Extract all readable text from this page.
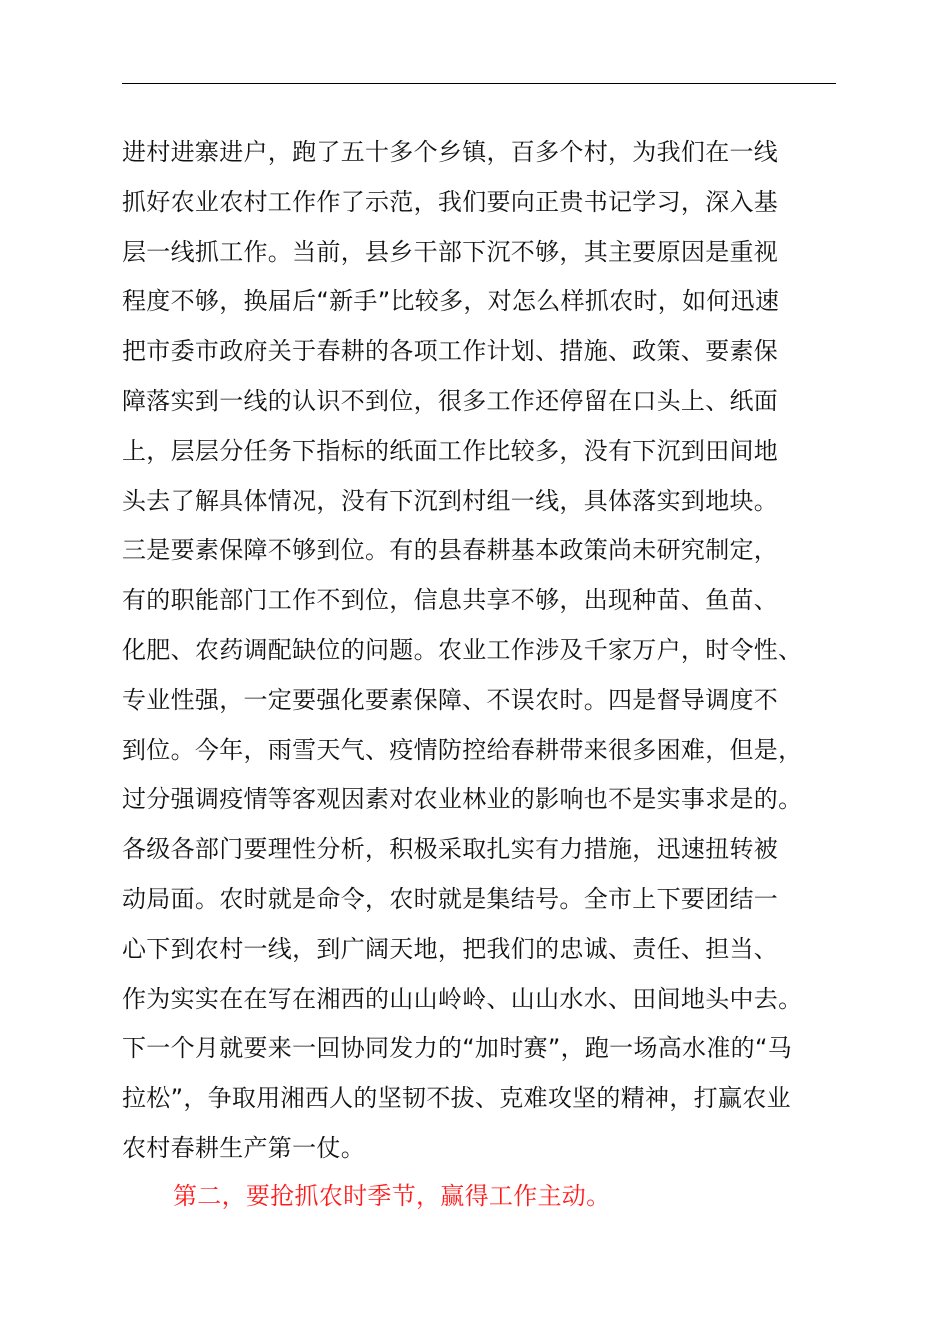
进村进寨进户，跑了五十多个乡镇，百多个村，为我们在一线
抓好农业农村工作作了示范，我们要向正贵书记学习，深入基
层一线抓工作。当前，县乡干部下沉不够，其主要原因是重视
程度不够，换届后“新手”比较多，对怎么样抓农时，如何迅速
把市委市政府关于春耕的各项工作计划、措施、政策、要素保
障落实到一线的认识不到位，很多工作还停留在口头上、纸面
上，层层分任务下指标的纸面工作比较多，没有下沉到田间地
头去了解具体情况，没有下沉到村组一线，具体落实到地块。
三是要素保障不够到位。有的县春耕基本政策尚未研究制定，
有的职能部门工作不到位，信息共享不够，出现种苗、鱼苗、
化肥、农药调配缺位的问题。农业工作涉及千家万户，时令性、
专业性强，一定要强化要素保障、不误农时。四是督导调度不
到位。今年，雨雪天气、疫情防控给春耕带来很多困难，但是，
过分强调疫情等客观因素对农业林业的影响也不是实事求是的。
各级各部门要理性分析，积极采取扎实有力措施，迅速扭转被
动局面。农时就是命令，农时就是集结号。全市上下要团结一
心下到农村一线，到广阔天地，把我们的忠诚、责任、担当、
作为实实在在写在湘西的山山岭岭、山山水水、田间地头中去。
下一个月就要来一回协同发力的“加时赛”，跑一场高水准的“马
拉松”，争取用湘西人的坚韧不拔、克难攻坚的精神，打赢农业
农村春耕生产第一仗。
第二，要抢抓农时季节，赢得工作主动。
